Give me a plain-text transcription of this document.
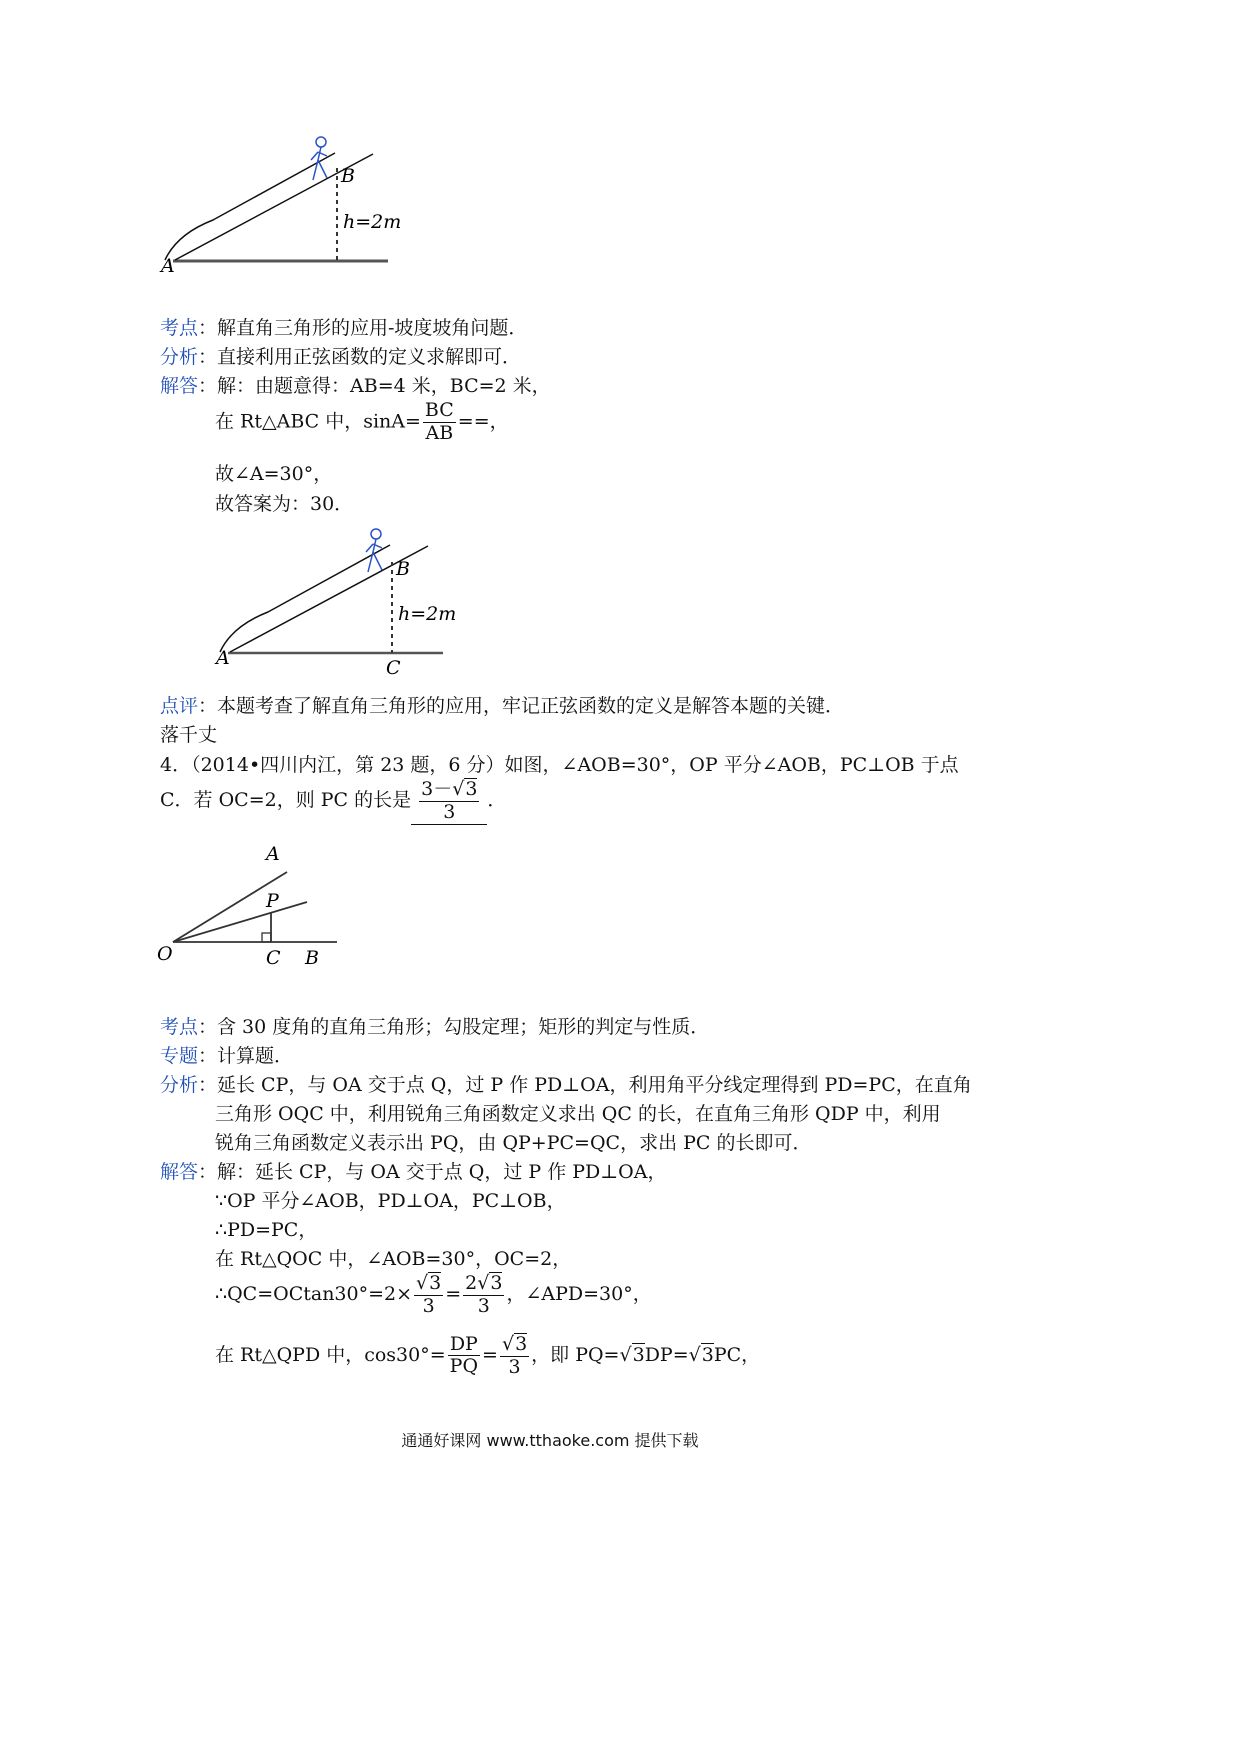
B
h=2m
A
考点：解直角三角形的应用-坡度坡角问题．
分析：直接利用正弦函数的定义求解即可．
解答：解：由题意得：AB=4 米，BC=2 米，
在 Rt△ABC 中，$\sin A= \frac{BC}{AB}$ ==，
故∠A=30°，
故答案为：30．
B
h=2m
A	C
点评：本题考查了解直角三角形的应用，牢记正弦函数的定义是解答本题的关键．
落千丈
4．（2014•四川内江，第 23 题，6 分）如图，∠AOB=30°，OP 平分∠AOB，PC⊥OB 于点
C．若 OC=2，则 PC 的长是 $\frac{3-√3}{3}$ ．
A
P
O	C B
考点：含 30 度角的直角三角形；勾股定理；矩形的判定与性质．
专题：计算题．
分析：延长 CP，与 OA 交于点 Q，过 P 作 PD⊥OA，利用角平分线定理得到 PD=PC，在直角
三角形 OQC 中，利用锐角三角函数定义求出 QC 的长，在直角三角形 QDP 中，利用
锐角三角函数定义表示出 PQ，由 QP+PC=QC，求出 PC 的长即可．
解答：解：延长 CP，与 OA 交于点 Q，过 P 作 PD⊥OA，
∵OP 平分∠AOB，PD⊥OA，PC⊥OB，
∴PD=PC，
在 Rt△QOC 中，∠AOB=30°，OC=2，
∴QC=OCtan30°=2× $\frac{√3}{3} = \frac{2√3}{3}$ ，∠APD=30°，
在 Rt△QPD 中，$\cos 30^\circ= \frac{DP}{PQ} = \frac{√3}{3}$ ，即 PQ=√3DP=√3PC，
通通好课网 www.tthaoke.com 提供下载
